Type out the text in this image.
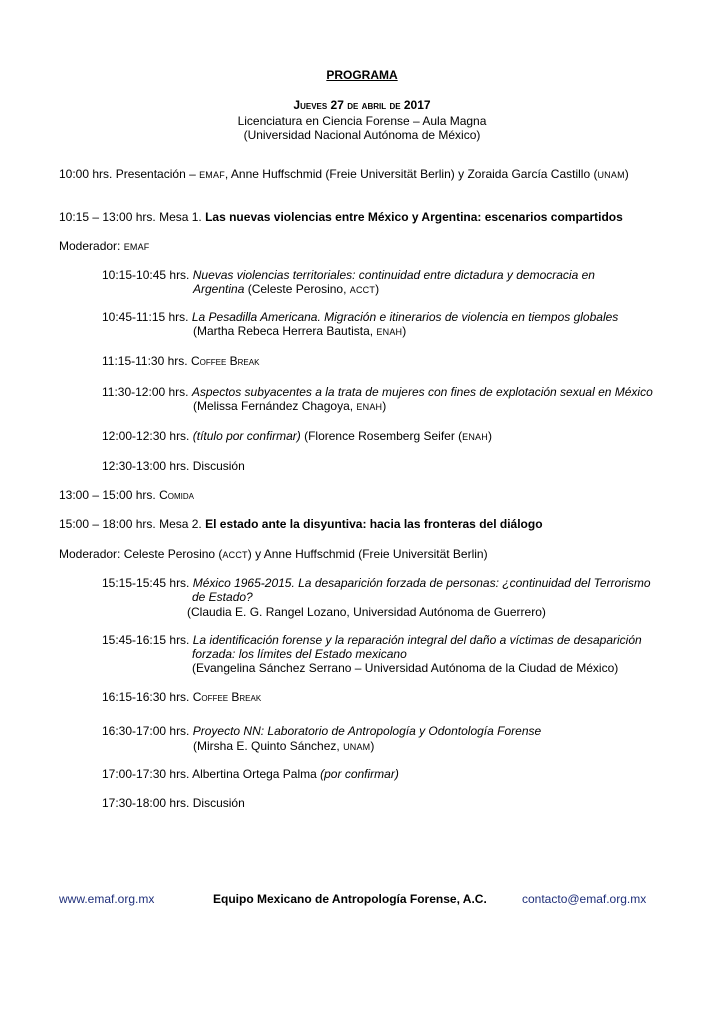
PROGRAMA
Jueves 27 de abril de 2017
Licenciatura en Ciencia Forense – Aula Magna
(Universidad Nacional Autónoma de México)
10:00 hrs. Presentación – EMAF, Anne Huffschmid (Freie Universität Berlin) y Zoraida García Castillo (UNAM)
10:15 – 13:00 hrs. Mesa 1. Las nuevas violencias entre México y Argentina: escenarios compartidos
Moderador: EMAF
10:15-10:45 hrs. Nuevas violencias territoriales: continuidad entre dictadura y democracia en
Argentina (Celeste Perosino, ACCT)
10:45-11:15 hrs. La Pesadilla Americana. Migración e itinerarios de violencia en tiempos globales
(Martha Rebeca Herrera Bautista, ENAH)
11:15-11:30 hrs. Coffee Break
11:30-12:00 hrs. Aspectos subyacentes a la trata de mujeres con fines de explotación sexual en México
(Melissa Fernández Chagoya, ENAH)
12:00-12:30 hrs. (título por confirmar) (Florence Rosemberg Seifer (ENAH)
12:30-13:00 hrs. Discusión
13:00 – 15:00 hrs. Comida
15:00 – 18:00 hrs. Mesa 2. El estado ante la disyuntiva: hacia las fronteras del diálogo
Moderador: Celeste Perosino (ACCT) y Anne Huffschmid (Freie Universität Berlin)
15:15-15:45 hrs. México 1965-2015. La desaparición forzada de personas: ¿continuidad del Terrorismo
de Estado?
(Claudia E. G. Rangel Lozano, Universidad Autónoma de Guerrero)
15:45-16:15 hrs. La identificación forense y la reparación integral del daño a víctimas de desaparición
forzada: los límites del Estado mexicano
(Evangelina Sánchez Serrano – Universidad Autónoma de la Ciudad de México)
16:15-16:30 hrs. Coffee Break
16:30-17:00 hrs. Proyecto NN: Laboratorio de Antropología y Odontología Forense
(Mirsha E. Quinto Sánchez, UNAM)
17:00-17:30 hrs. Albertina Ortega Palma (por confirmar)
17:30-18:00 hrs. Discusión
www.emaf.org.mx	Equipo Mexicano de Antropología Forense, A.C.	contacto@emaf.org.mx
